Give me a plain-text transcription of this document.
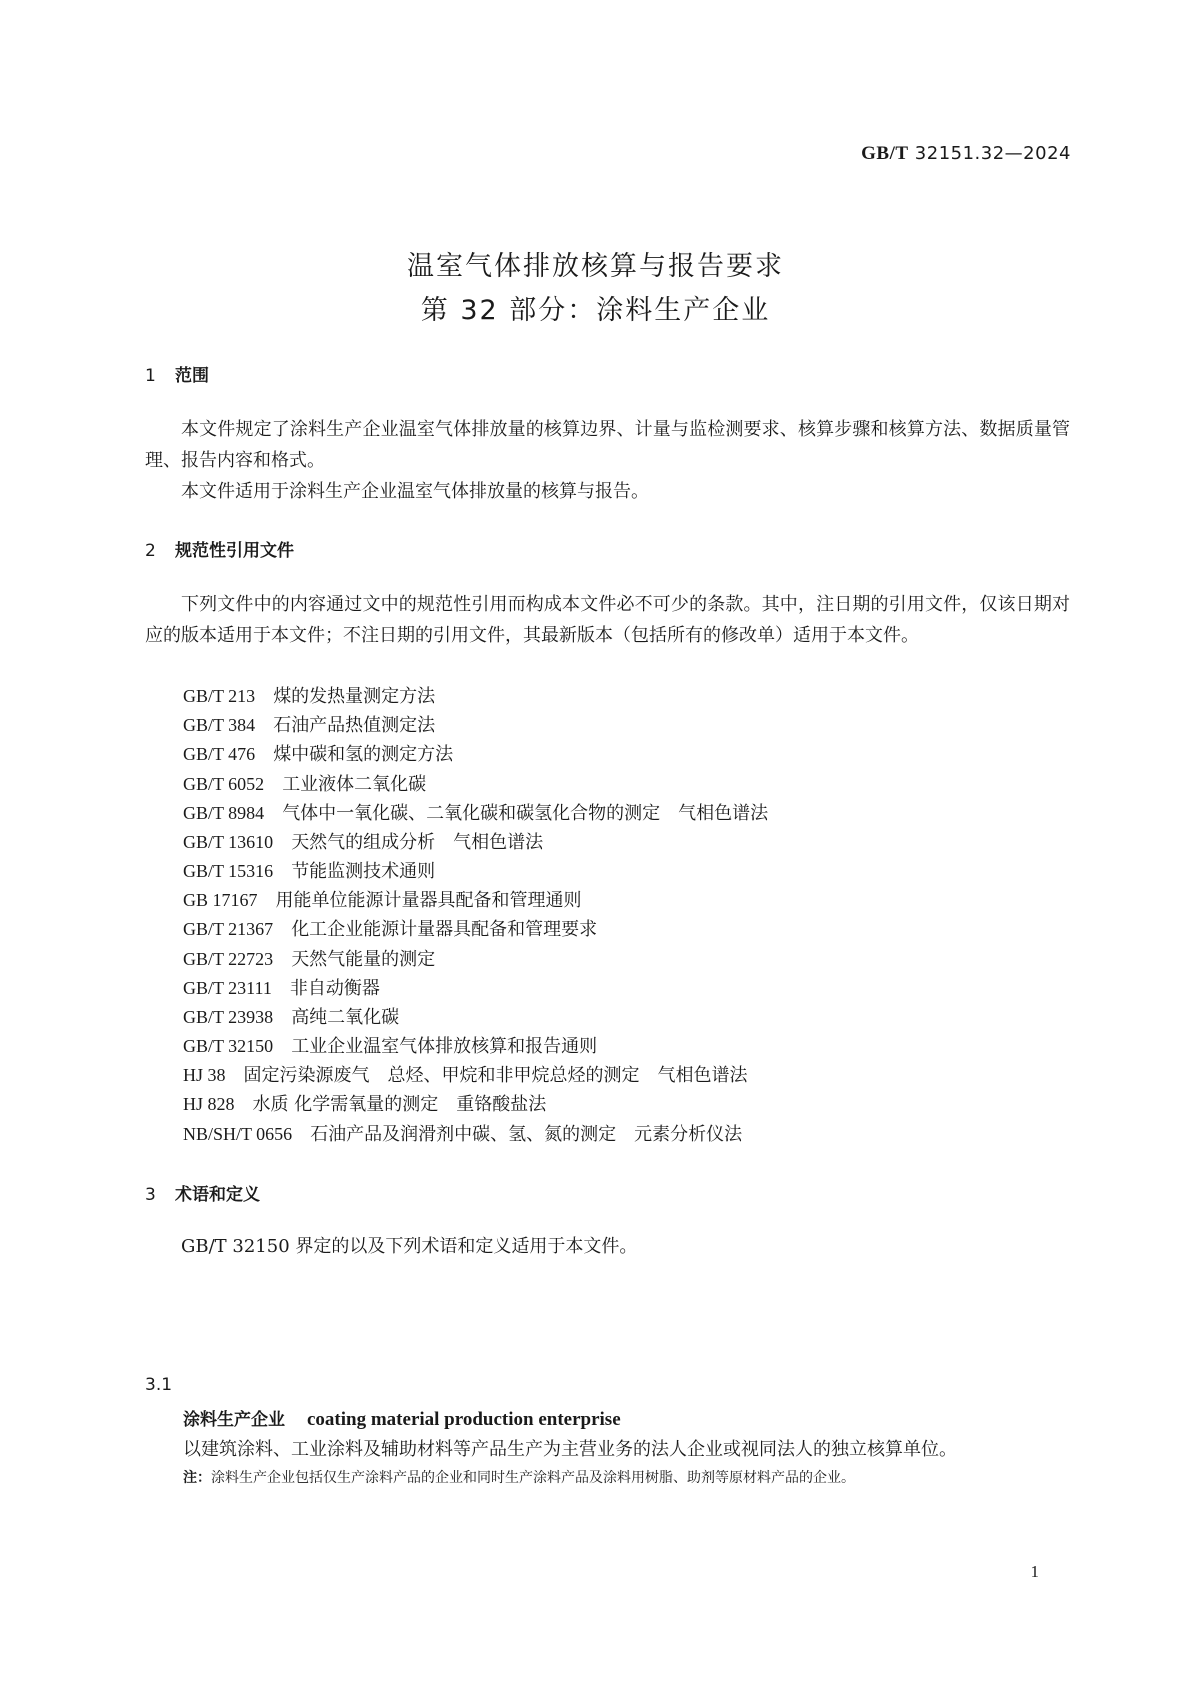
GB/T 32151.32—2024
温室气体排放核算与报告要求
第 32 部分：涂料生产企业
1 范围
本文件规定了涂料生产企业温室气体排放量的核算边界、计量与监检测要求、核算步骤和核算方法、数据质量管理、报告内容和格式。
本文件适用于涂料生产企业温室气体排放量的核算与报告。
2 规范性引用文件
下列文件中的内容通过文中的规范性引用而构成本文件必不可少的条款。其中，注日期的引用文件，仅该日期对应的版本适用于本文件；不注日期的引用文件，其最新版本（包括所有的修改单）适用于本文件。
GB/T 213 煤的发热量测定方法
GB/T 384 石油产品热值测定法
GB/T 476 煤中碳和氢的测定方法
GB/T 6052 工业液体二氧化碳
GB/T 8984 气体中一氧化碳、二氧化碳和碳氢化合物的测定　气相色谱法
GB/T 13610 天然气的组成分析　气相色谱法
GB/T 15316 节能监测技术通则
GB 17167 用能单位能源计量器具配备和管理通则
GB/T 21367 化工企业能源计量器具配备和管理要求
GB/T 22723 天然气能量的测定
GB/T 23111 非自动衡器
GB/T 23938 高纯二氧化碳
GB/T 32150 工业企业温室气体排放核算和报告通则
HJ 38 固定污染源废气　总烃、甲烷和非甲烷总烃的测定　气相色谱法
HJ 828 水质 化学需氧量的测定　重铬酸盐法
NB/SH/T 0656 石油产品及润滑剂中碳、氢、氮的测定　元素分析仪法
3 术语和定义
GB/T 32150 界定的以及下列术语和定义适用于本文件。
3.1
涂料生产企业 coating material production enterprise
以建筑涂料、工业涂料及辅助材料等产品生产为主营业务的法人企业或视同法人的独立核算单位。
注：涂料生产企业包括仅生产涂料产品的企业和同时生产涂料产品及涂料用树脂、助剂等原材料产品的企业。
1
